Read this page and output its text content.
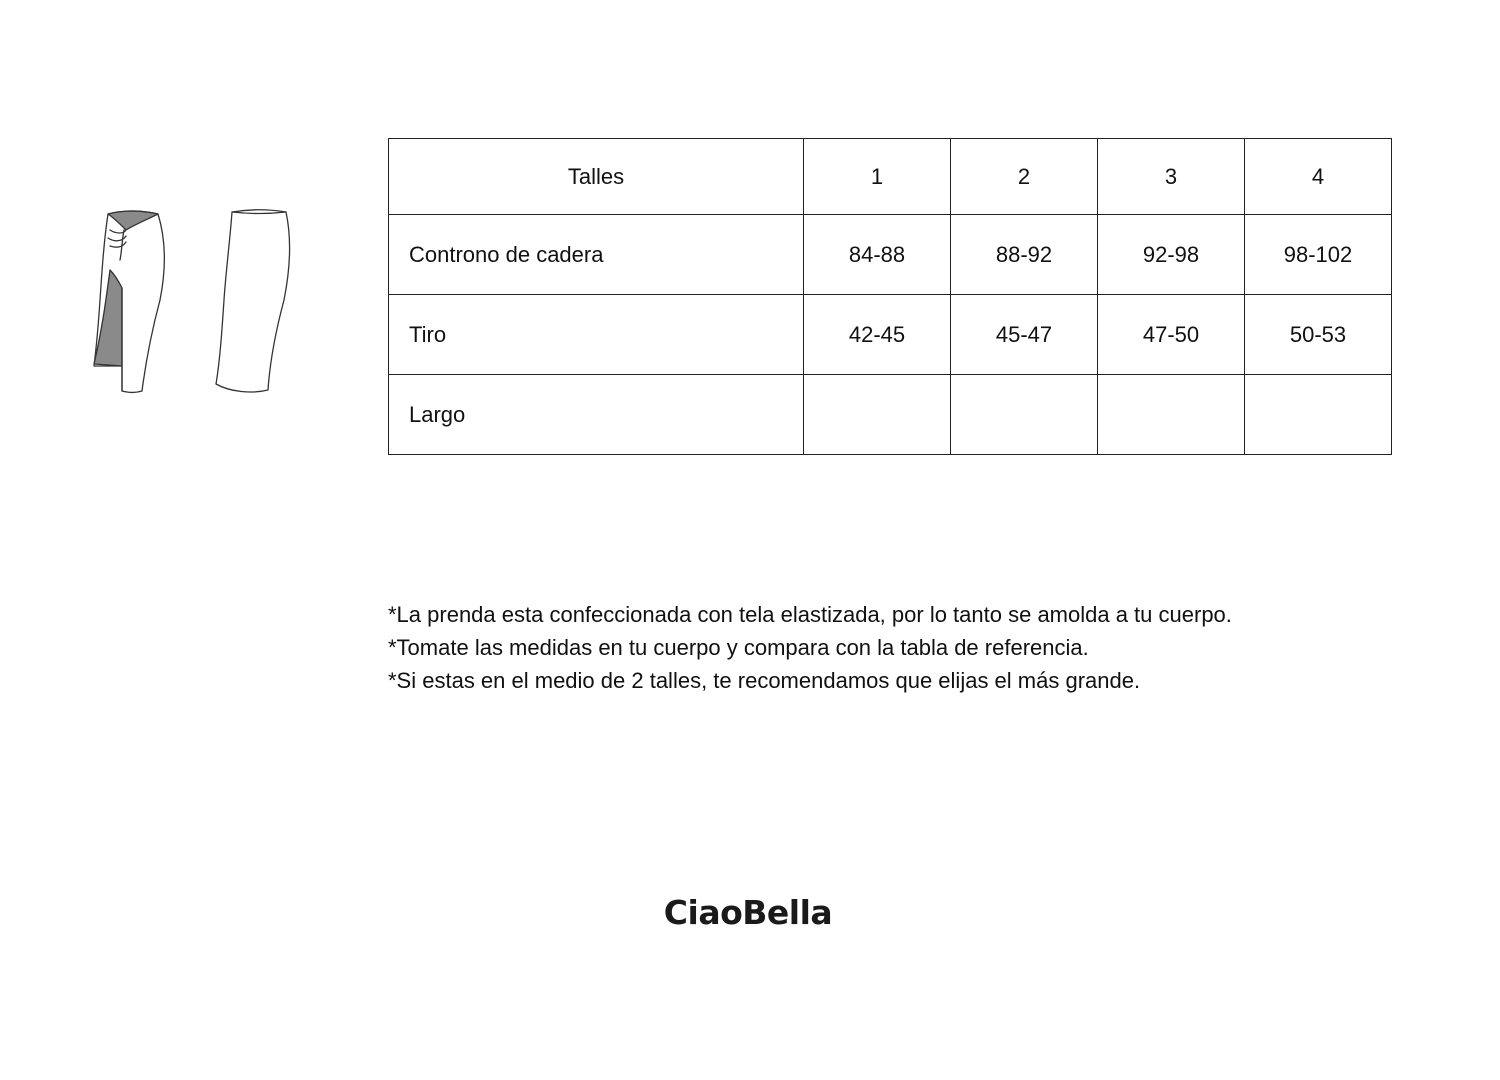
Talles	1	2	3	4
Controno de cadera	84-88	88-92	92-98	98-102
Tiro	42-45	45-47	47-50	50-53
Largo				

*La prenda esta confeccionada con tela elastizada, por lo tanto se amolda a tu cuerpo.

*Tomate las medidas en tu cuerpo y compara con la tabla de referencia.

*Si estas en el medio de 2 talles, te recomendamos que elijas el más grande.

CiaoBella
